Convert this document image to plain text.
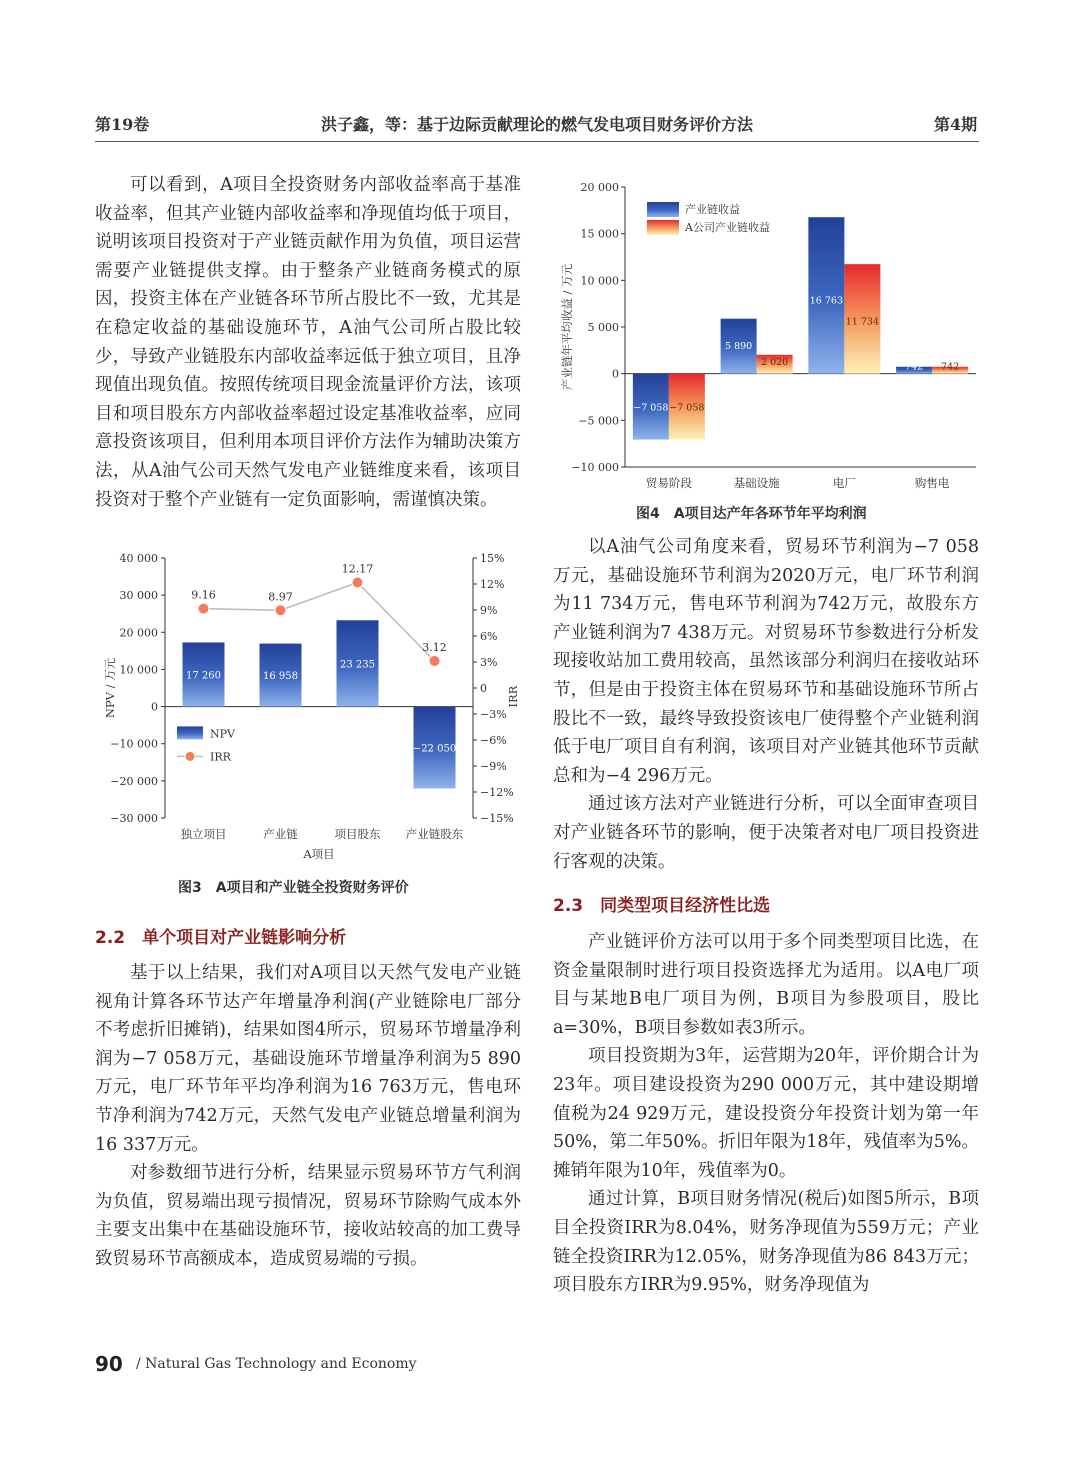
第19卷	洪子鑫，等：基于边际贡献理论的燃气发电项目财务评价方法	第4期

可以看到，A项目全投资财务内部收益率高于基准收益率，但其产业链内部收益率和净现值均低于项目，说明该项目投资对于产业链贡献作用为负值，项目运营需要产业链提供支撑。由于整条产业链商务模式的原因，投资主体在产业链各环节所占股比不一致，尤其是在稳定收益的基础设施环节，A油气公司所占股比较少，导致产业链股东内部收益率远低于独立项目，且净现值出现负值。按照传统项目现金流量评价方法，该项目和项目股东方内部收益率超过设定基准收益率，应同意投资该项目，但利用本项目评价方法作为辅助决策方法，从A油气公司天然气发电产业链维度来看，该项目投资对于整个产业链有一定负面影响，需谨慎决策。

−30 000
−20 000
−10 000
0
10 000
20 000
30 000
40 000
−15%
−12%
−9%
−6%
−3%
0
3%
6%
9%
12%
15%
独立项目	产业链	项目股东 产业链股东
A项目
NPV / 万元	IRR
NPV
IRR
17 260	16 958
23 235
−22 050
9.16	8.97
12.17
3.12
图3　A项目和产业链全投资财务评价
2.2　单个项目对产业链影响分析

基于以上结果，我们对A项目以天然气发电产业链视角计算各环节达产年增量净利润(产业链除电厂部分不考虑折旧摊销)，结果如图4所示，贸易环节增量净利润为−7 058万元，基础设施环节增量净利润为5 890万元，电厂环节年平均净利润为16 763万元，售电环节净利润为742万元，天然气发电产业链总增量利润为16 337万元。

对参数细节进行分析，结果显示贸易环节方气利润为负值，贸易端出现亏损情况，贸易环节除购气成本外主要支出集中在基础设施环节，接收站较高的加工费导致贸易环节高额成本，造成贸易端的亏损。

−10 000
−5 000
0
5 000
10 000
15 000
20 000
贸易阶段	基础设施	电厂	购售电
产业链年平均收益 / 万元
产业链收益
A公司产业链收益
−7 058 −7 058
5 890
2 020
16 763
11 734
742 742
图4　A项目达产年各环节年平均利润

以A油气公司角度来看，贸易环节利润为−7 058万元，基础设施环节利润为2020万元，电厂环节利润为11 734万元，售电环节利润为742万元，故股东方产业链利润为7 438万元。对贸易环节参数进行分析发现接收站加工费用较高，虽然该部分利润归在接收站环节，但是由于投资主体在贸易环节和基础设施环节所占股比不一致，最终导致投资该电厂使得整个产业链利润低于电厂项目自有利润，该项目对产业链其他环节贡献总和为−4 296万元。

通过该方法对产业链进行分析，可以全面审查项目对产业链各环节的影响，便于决策者对电厂项目投资进行客观的决策。

2.3　同类型项目经济性比选

产业链评价方法可以用于多个同类型项目比选，在资金量限制时进行项目投资选择尤为适用。以A电厂项目与某地B电厂项目为例，B项目为参股项目，股比a=30%，B项目参数如表3所示。

项目投资期为3年，运营期为20年，评价期合计为23年。项目建设投资为290 000万元，其中建设期增值税为24 929万元，建设投资分年投资计划为第一年50%，第二年50%。折旧年限为18年，残值率为5%。摊销年限为10年，残值率为0。

通过计算，B项目财务情况(税后)如图5所示，B项目全投资IRR为8.04%，财务净现值为559万元；产业链全投资IRR为12.05%，财务净现值为86 843万元；项目股东方IRR为9.95%，财务净现值为

90 / Natural Gas Technology and Economy
